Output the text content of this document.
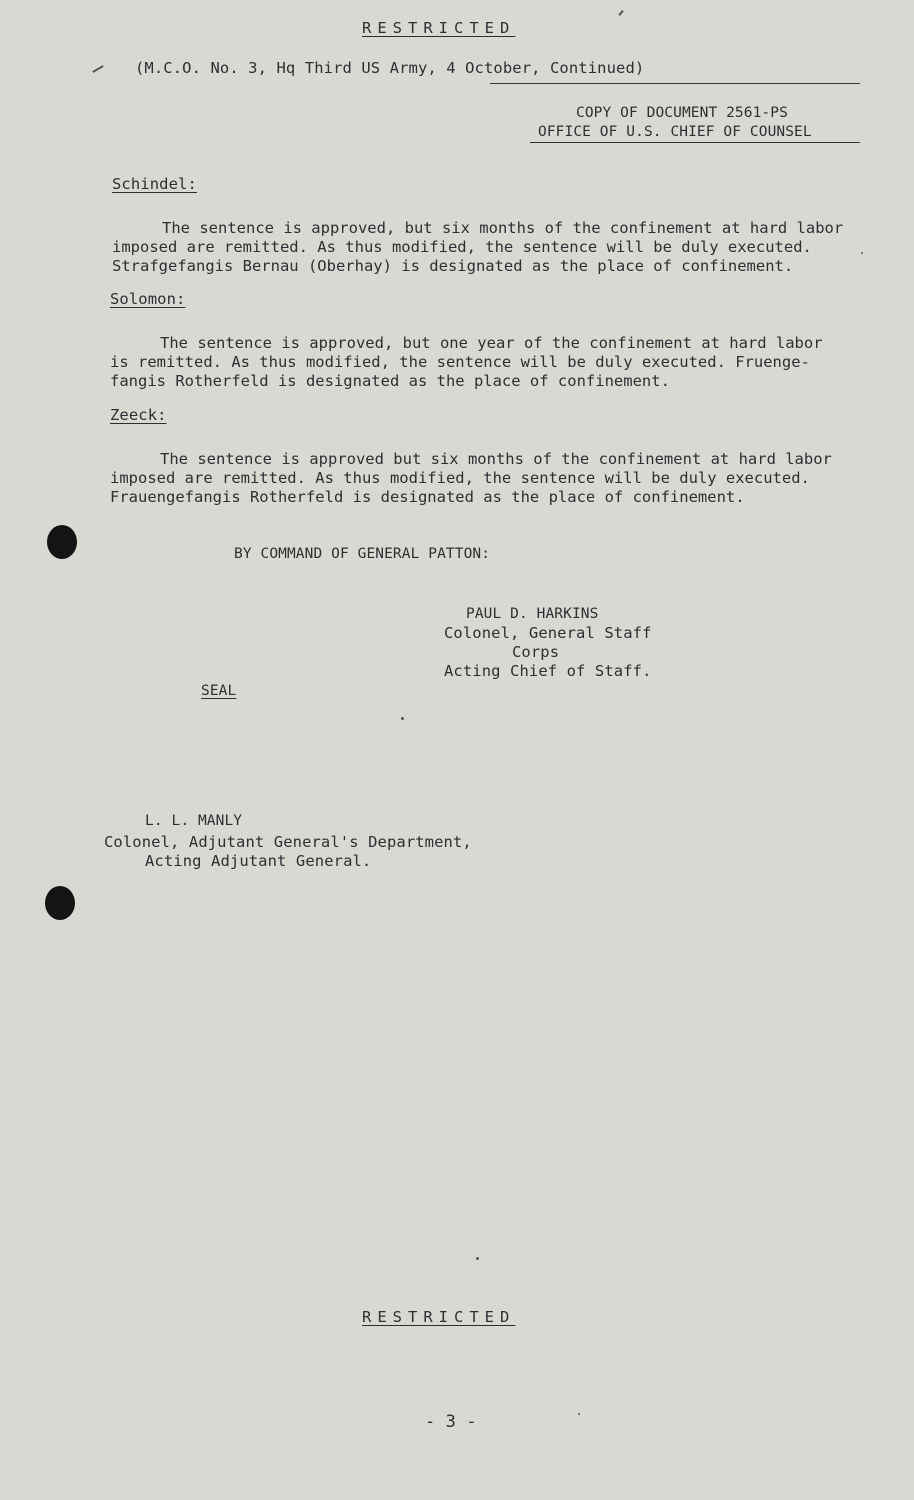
RESTRICTED
(M.C.O. No. 3, Hq Third US Army, 4 October, Continued)
COPY OF DOCUMENT 2561-PS
OFFICE OF U.S. CHIEF OF COUNSEL
Schindel:
The sentence is approved, but six months of the confinement at hard labor
imposed are remitted. As thus modified, the sentence will be duly executed.
Strafgefangis Bernau (Oberhay) is designated as the place of confinement.
Solomon:
The sentence is approved, but one year of the confinement at hard labor
is remitted. As thus modified, the sentence will be duly executed. Fruenge-
fangis Rotherfeld is designated as the place of confinement.
Zeeck:
The sentence is approved but six months of the confinement at hard labor
imposed are remitted. As thus modified, the sentence will be duly executed.
Frauengefangis Rotherfeld is designated as the place of confinement.
BY COMMAND OF GENERAL PATTON:
PAUL D. HARKINS
Colonel, General Staff
Corps
Acting Chief of Staff.
SEAL
L. L. MANLY
Colonel, Adjutant General's Department,
Acting Adjutant General.
RESTRICTED
- 3 -
